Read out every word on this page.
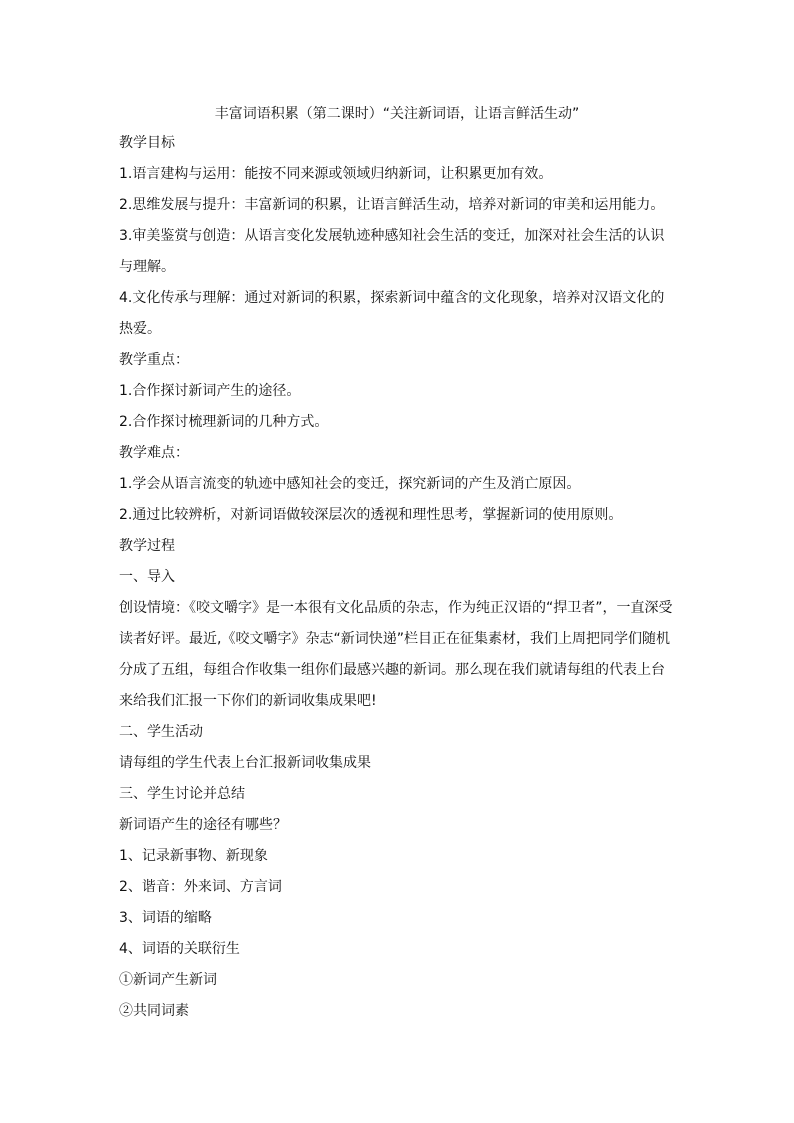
丰富词语积累（第二课时）“关注新词语，让语言鲜活生动”

教学目标

1.语言建构与运用：能按不同来源或领域归纳新词，让积累更加有效。

2.思维发展与提升：丰富新词的积累，让语言鲜活生动，培养对新词的审美和运用能力。

3.审美鉴赏与创造：从语言变化发展轨迹种感知社会生活的变迁，加深对社会生活的认识与理解。

4.文化传承与理解：通过对新词的积累，探索新词中蕴含的文化现象，培养对汉语文化的热爱。

教学重点：

1.合作探讨新词产生的途径。

2.合作探讨梳理新词的几种方式。

教学难点：

1.学会从语言流变的轨迹中感知社会的变迁，探究新词的产生及消亡原因。

2.通过比较辨析，对新词语做较深层次的透视和理性思考，掌握新词的使用原则。

教学过程

一、导入

创设情境：《咬文嚼字》是一本很有文化品质的杂志，作为纯正汉语的“捍卫者”，一直深受读者好评。最近,《咬文嚼字》杂志“新词快递”栏目正在征集素材，我们上周把同学们随机分成了五组，每组合作收集一组你们最感兴趣的新词。那么现在我们就请每组的代表上台来给我们汇报一下你们的新词收集成果吧!

二、学生活动

请每组的学生代表上台汇报新词收集成果

三、学生讨论并总结

新词语产生的途径有哪些？

1、记录新事物、新现象

2、谐音：外来词、方言词

3、词语的缩略

4、词语的关联衍生

①新词产生新词

②共同词素
